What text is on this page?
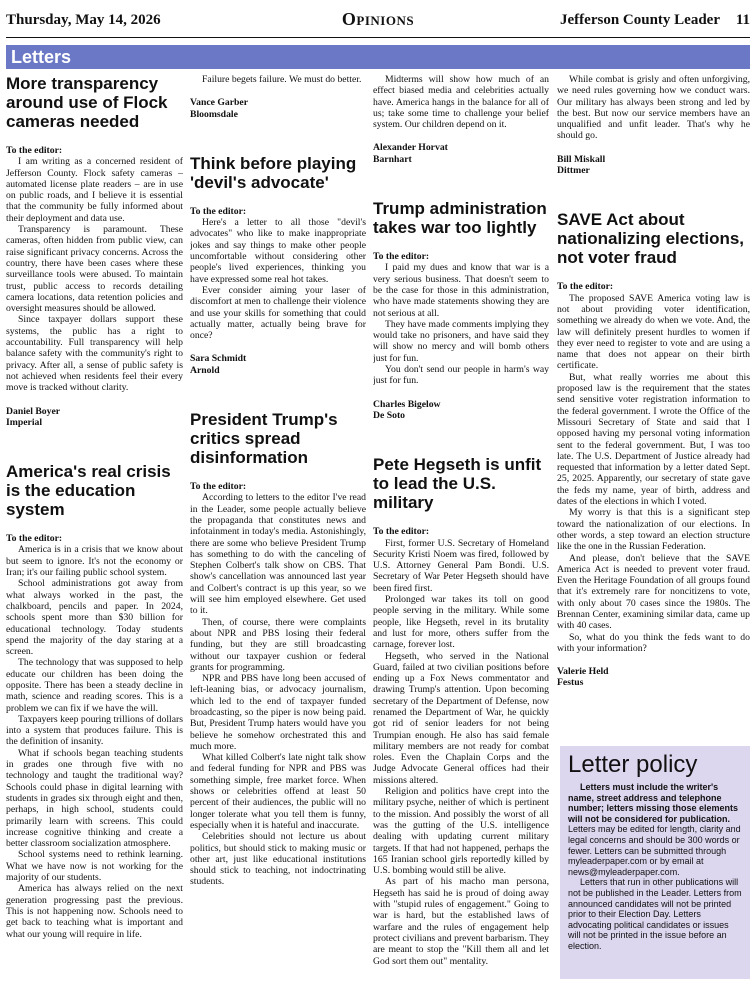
Thursday, May 14, 2026	Opinions	Jefferson County Leader 11
Letters
More transparency around use of Flock cameras needed
To the editor:

I am writing as a concerned resident of Jefferson County. Flock safety cameras – automated license plate readers – are in use on public roads, and I believe it is essential that the community be fully informed about their deployment and data use.

Transparency is paramount. These cameras, often hidden from public view, can raise significant privacy concerns. Across the country, there have been cases where these surveillance tools were abused. To maintain trust, public access to records detailing camera locations, data retention policies and oversight measures should be allowed.

Since taxpayer dollars support these systems, the public has a right to accountability. Full transparency will help balance safety with the community's right to privacy. After all, a sense of public safety is not achieved when residents feel their every move is tracked without clarity.

Daniel Boyer
Imperial
America's real crisis is the education system
To the editor:

America is in a crisis that we know about but seem to ignore. It's not the economy or Iran; it's our failing public school system.

School administrations got away from what always worked in the past, the chalkboard, pencils and paper. In 2024, schools spent more than $30 billion for educational technology. Today students spend the majority of the day staring at a screen.

The technology that was supposed to help educate our children has been doing the opposite. There has been a steady decline in math, science and reading scores. This is a problem we can fix if we have the will.

Taxpayers keep pouring trillions of dollars into a system that produces failure. This is the definition of insanity.

What if schools began teaching students in grades one through five with no technology and taught the traditional way? Schools could phase in digital learning with students in grades six through eight and then, perhaps, in high school, students could primarily learn with screens. This could increase cognitive thinking and create a better classroom socialization atmosphere.

School systems need to rethink learning. What we have now is not working for the majority of our students.

America has always relied on the next generation progressing past the previous. This is not happening now. Schools need to get back to teaching what is important and what our young will require in life.

Failure begets failure. We must do better.

Vance Garber
Bloomsdale
Think before playing 'devil's advocate'
To the editor:

Here's a letter to all those "devil's advocates" who like to make inappropriate jokes and say things to make other people uncomfortable without considering other people's lived experiences, thinking you have expressed some real hot takes.

Ever consider aiming your laser of discomfort at men to challenge their violence and use your skills for something that could actually matter, actually being brave for once?

Sara Schmidt
Arnold
President Trump's critics spread disinformation
To the editor:

According to letters to the editor I've read in the Leader, some people actually believe the propaganda that constitutes news and infotainment in today's media. Astonishingly, there are some who believe President Trump has something to do with the canceling of Stephen Colbert's talk show on CBS. That show's cancellation was announced last year and Colbert's contract is up this year, so we will see him employed elsewhere. Get used to it.

Then, of course, there were complaints about NPR and PBS losing their federal funding, but they are still broadcasting without our taxpayer cushion or federal grants for programming.

NPR and PBS have long been accused of left-leaning bias, or advocacy journalism, which led to the end of taxpayer funded broadcasting, so the piper is now being paid. But, President Trump haters would have you believe he somehow orchestrated this and much more.

What killed Colbert's late night talk show and federal funding for NPR and PBS was something simple, free market force. When shows or celebrities offend at least 50 percent of their audiences, the public will no longer tolerate what you tell them is funny, especially when it is hateful and inaccurate.

Celebrities should not lecture us about politics, but should stick to making music or other art, just like educational institutions should stick to teaching, not indoctrinating students.

Midterms will show how much of an effect biased media and celebrities actually have. America hangs in the balance for all of us; take some time to challenge your belief system. Our children depend on it.

Alexander Horvat
Barnhart
Trump administration takes war too lightly
To the editor:

I paid my dues and know that war is a very serious business. That doesn't seem to be the case for those in this administration, who have made statements showing they are not serious at all.

They have made comments implying they would take no prisoners, and have said they will show no mercy and will bomb others just for fun.

You don't send our people in harm's way just for fun.

Charles Bigelow
De Soto
Pete Hegseth is unfit to lead the U.S. military
To the editor:

First, former U.S. Secretary of Homeland Security Kristi Noem was fired, followed by U.S. Attorney General Pam Bondi. U.S. Secretary of War Peter Hegseth should have been fired first.

Prolonged war takes its toll on good people serving in the military. While some people, like Hegseth, revel in its brutality and lust for more, others suffer from the carnage, forever lost.

Hegseth, who served in the National Guard, failed at two civilian positions before ending up a Fox News commentator and drawing Trump's attention. Upon becoming secretary of the Department of Defense, now renamed the Department of War, he quickly got rid of senior leaders for not being Trumpian enough. He also has said female military members are not ready for combat roles. Even the Chaplain Corps and the Judge Advocate General offices had their missions altered.

Religion and politics have crept into the military psyche, neither of which is pertinent to the mission. And possibly the worst of all was the gutting of the U.S. intelligence dealing with updating current military targets. If that had not happened, perhaps the 165 Iranian school girls reportedly killed by U.S. bombing would still be alive.

As part of his macho man persona, Hegseth has said he is proud of doing away with "stupid rules of engagement." Going to war is hard, but the established laws of warfare and the rules of engagement help protect civilians and prevent barbarism. They are meant to stop the "Kill them all and let God sort them out" mentality.

While combat is grisly and often unforgiving, we need rules governing how we conduct wars. Our military has always been strong and led by the best. But now our service members have an unqualified and unfit leader. That's why he should go.

Bill Miskall
Dittmer
SAVE Act about nationalizing elections, not voter fraud
To the editor:

The proposed SAVE America voting law is not about providing voter identification, something we already do when we vote. And, the law will definitely present hurdles to women if they ever need to register to vote and are using a name that does not appear on their birth certificate.

But, what really worries me about this proposed law is the requirement that the states send sensitive voter registration information to the federal government. I wrote the Office of the Missouri Secretary of State and said that I opposed having my personal voting information sent to the federal government. But, I was too late. The U.S. Department of Justice already had requested that information by a letter dated Sept. 25, 2025. Apparently, our secretary of state gave the feds my name, year of birth, address and dates of the elections in which I voted.

My worry is that this is a significant step toward the nationalization of our elections. In other words, a step toward an election structure like the one in the Russian Federation.

And please, don't believe that the SAVE America Act is needed to prevent voter fraud. Even the Heritage Foundation of all groups found that it's extremely rare for noncitizens to vote, with only about 70 cases since the 1980s. The Brennan Center, examining similar data, came up with 40 cases.

So, what do you think the feds want to do with your information?

Valerie Held
Festus
Letter policy

Letters must include the writer's name, street address and telephone number; letters missing those elements will not be considered for publication. Letters may be edited for length, clarity and legal concerns and should be 300 words or fewer. Letters can be submitted through myleaderpaper.com or by email at news@myleaderpaper.com.

Letters that run in other publications will not be published in the Leader. Letters from announced candidates will not be printed prior to their Election Day. Letters advocating political candidates or issues will not be printed in the issue before an election.
